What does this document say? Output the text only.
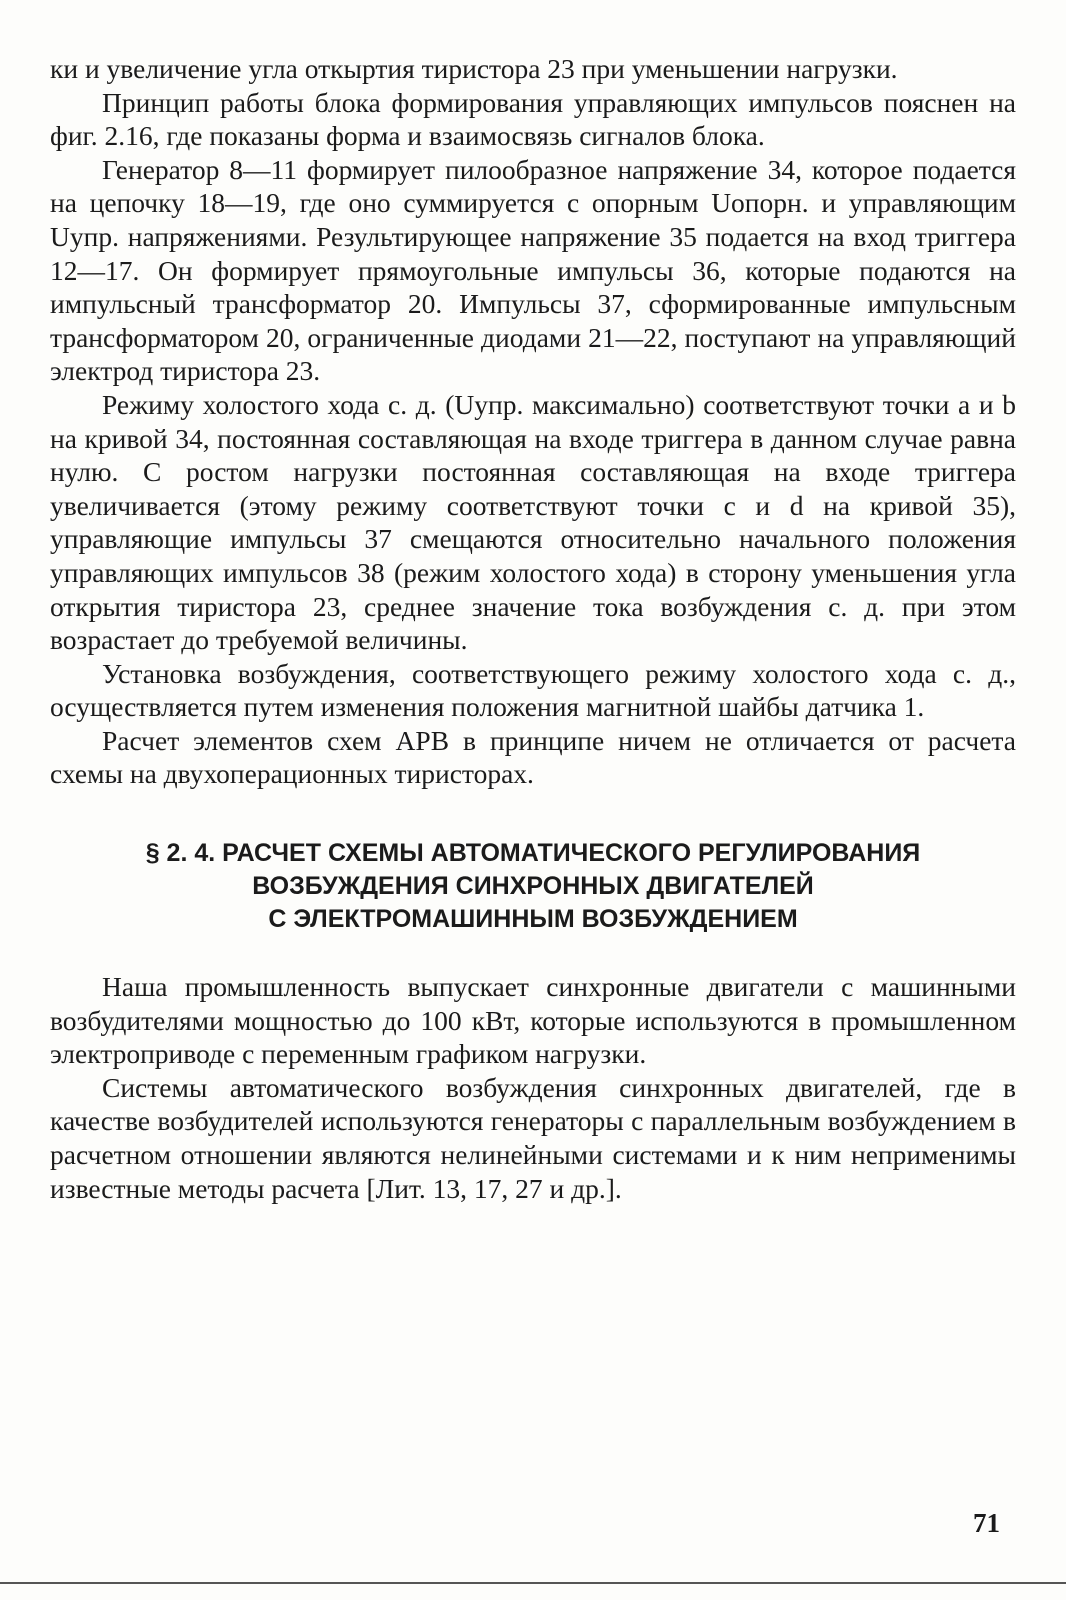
ки и увеличение угла откыртия тиристора 23 при уменьшении нагрузки.

Принцип работы блока формирования управляющих импульсов пояснен на фиг. 2.16, где показаны форма и взаимосвязь сигналов блока.

Генератор 8—11 формирует пилообразное напряжение 34, которое подается на цепочку 18—19, где оно суммируется с опорным Uопорн. и управляющим Uупр. напряжениями. Результирующее напряжение 35 подается на вход триггера 12—17. Он формирует прямоугольные импульсы 36, которые подаются на импульсный трансформатор 20. Импульсы 37, сформированные импульсным трансформатором 20, ограниченные диодами 21—22, поступают на управляющий электрод тиристора 23.

Режиму холостого хода с. д. (Uупр. максимально) соответствуют точки a и b на кривой 34, постоянная составляющая на входе триггера в данном случае равна нулю. С ростом нагрузки постоянная составляющая на входе триггера увеличивается (этому режиму соответствуют точки c и d на кривой 35), управляющие импульсы 37 смещаются относительно начального положения управляющих импульсов 38 (режим холостого хода) в сторону уменьшения угла открытия тиристора 23, среднее значение тока возбуждения с. д. при этом возрастает до требуемой величины.

Установка возбуждения, соответствующего режиму холостого хода с. д., осуществляется путем изменения положения магнитной шайбы датчика 1.

Расчет элементов схем АРВ в принципе ничем не отличается от расчета схемы на двухоперационных тиристорах.

§ 2. 4. РАСЧЕТ СХЕМЫ АВТОМАТИЧЕСКОГО РЕГУЛИРОВАНИЯ
ВОЗБУЖДЕНИЯ СИНХРОННЫХ ДВИГАТЕЛЕЙ
С ЭЛЕКТРОМАШИННЫМ ВОЗБУЖДЕНИЕМ

Наша промышленность выпускает синхронные двигатели с машинными возбудителями мощностью до 100 кВт, которые используются в промышленном электроприводе с переменным графиком нагрузки.

Системы автоматического возбуждения синхронных двигателей, где в качестве возбудителей используются генераторы с параллельным возбуждением в расчетном отношении являются нелинейными системами и к ним неприменимы известные методы расчета [Лит. 13, 17, 27 и др.].

71
